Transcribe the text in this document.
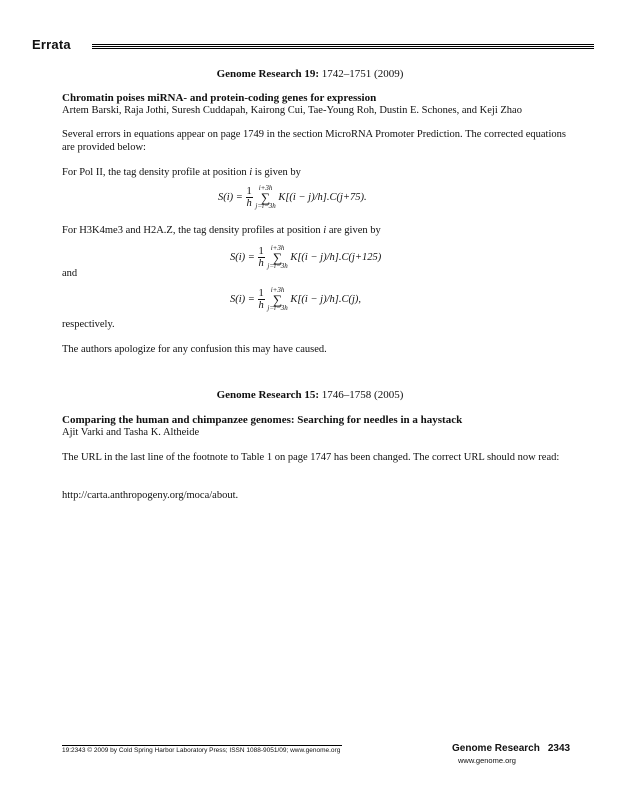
Errata
Genome Research 19: 1742–1751 (2009)
Chromatin poises miRNA- and protein-coding genes for expression
Artem Barski, Raja Jothi, Suresh Cuddapah, Kairong Cui, Tae-Young Roh, Dustin E. Schones, and Keji Zhao
Several errors in equations appear on page 1749 in the section MicroRNA Promoter Prediction. The corrected equations are provided below:
For Pol II, the tag density profile at position i is given by
$S(i) = \frac{1}{h} i+3h$
∑
j=i−3h
K[(i − j)/h].C(j+75).
For H3K4me3 and H2A.Z, the tag density profiles at position i are given by
$S(i) = \frac{1}{h} i+3h$
∑
j=i−3h
K[(i − j)/h].C(j+125)
and
$S(i) = \frac{1}{h} i+3h$
∑
j=i−3h
K[(i − j)/h].C(j),
respectively.
The authors apologize for any confusion this may have caused.
Genome Research 15: 1746–1758 (2005)
Comparing the human and chimpanzee genomes: Searching for needles in a haystack
Ajit Varki and Tasha K. Altheide
The URL in the last line of the footnote to Table 1 on page 1747 has been changed. The correct URL should now read:
http://carta.anthropogeny.org/moca/about.
19:2343 © 2009 by Cold Spring Harbor Laboratory Press; ISSN 1088-9051/09; www.genome.org	Genome Research 2343
www.genome.org
